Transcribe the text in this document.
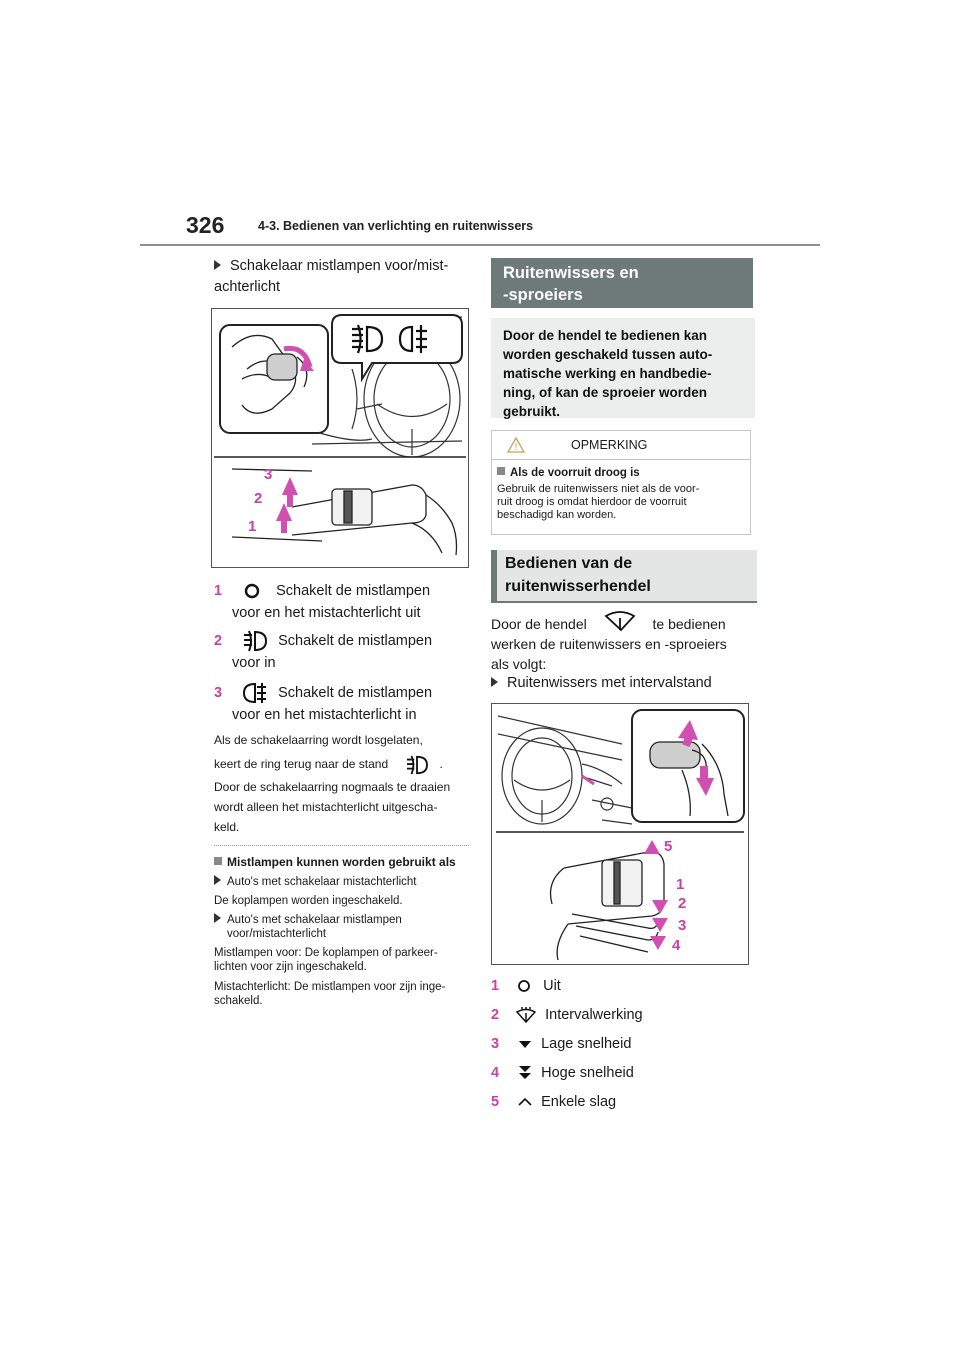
326	4-3. Bedienen van verlichting en ruitenwissers
Schakelaar mistlampen voor/mist-achterlicht
3
2
1
1	Schakelt de mistlampen
voor en het mistachterlicht uit
2	Schakelt de mistlampen
voor in
3	Schakelt de mistlampen
voor en het mistachterlicht in
Als de schakelaarring wordt losgelaten,
keert de ring terug naar de stand	.
Door de schakelaarring nogmaals te draaien
wordt alleen het mistachterlicht uitgescha-
keld.
Mistlampen kunnen worden gebruikt als
Auto's met schakelaar mistachterlicht
De koplampen worden ingeschakeld.
Auto's met schakelaar mistlampen
voor/mistachterlicht
Mistlampen voor: De koplampen of parkeer-
lichten voor zijn ingeschakeld.
Mistachterlicht: De mistlampen voor zijn inge-
schakeld.
Ruitenwissers en
-sproeiers
Door de hendel te bedienen kan
worden geschakeld tussen auto-
matische werking en handbedie-
ning, of kan de sproeier worden
gebruikt.
!	OPMERKING
Als de voorruit droog is
Gebruik de ruitenwissers niet als de voor-
ruit droog is omdat hierdoor de voorruit
beschadigd kan worden.
Bedienen van de
ruitenwisserhendel
Door de hendel	te bedienen
werken de ruitenwissers en -sproeiers
als volgt:
Ruitenwissers met intervalstand
5
1
2
3
4
1	Uit
2	Intervalwerking
3	Lage snelheid
4	Hoge snelheid
5	Enkele slag
